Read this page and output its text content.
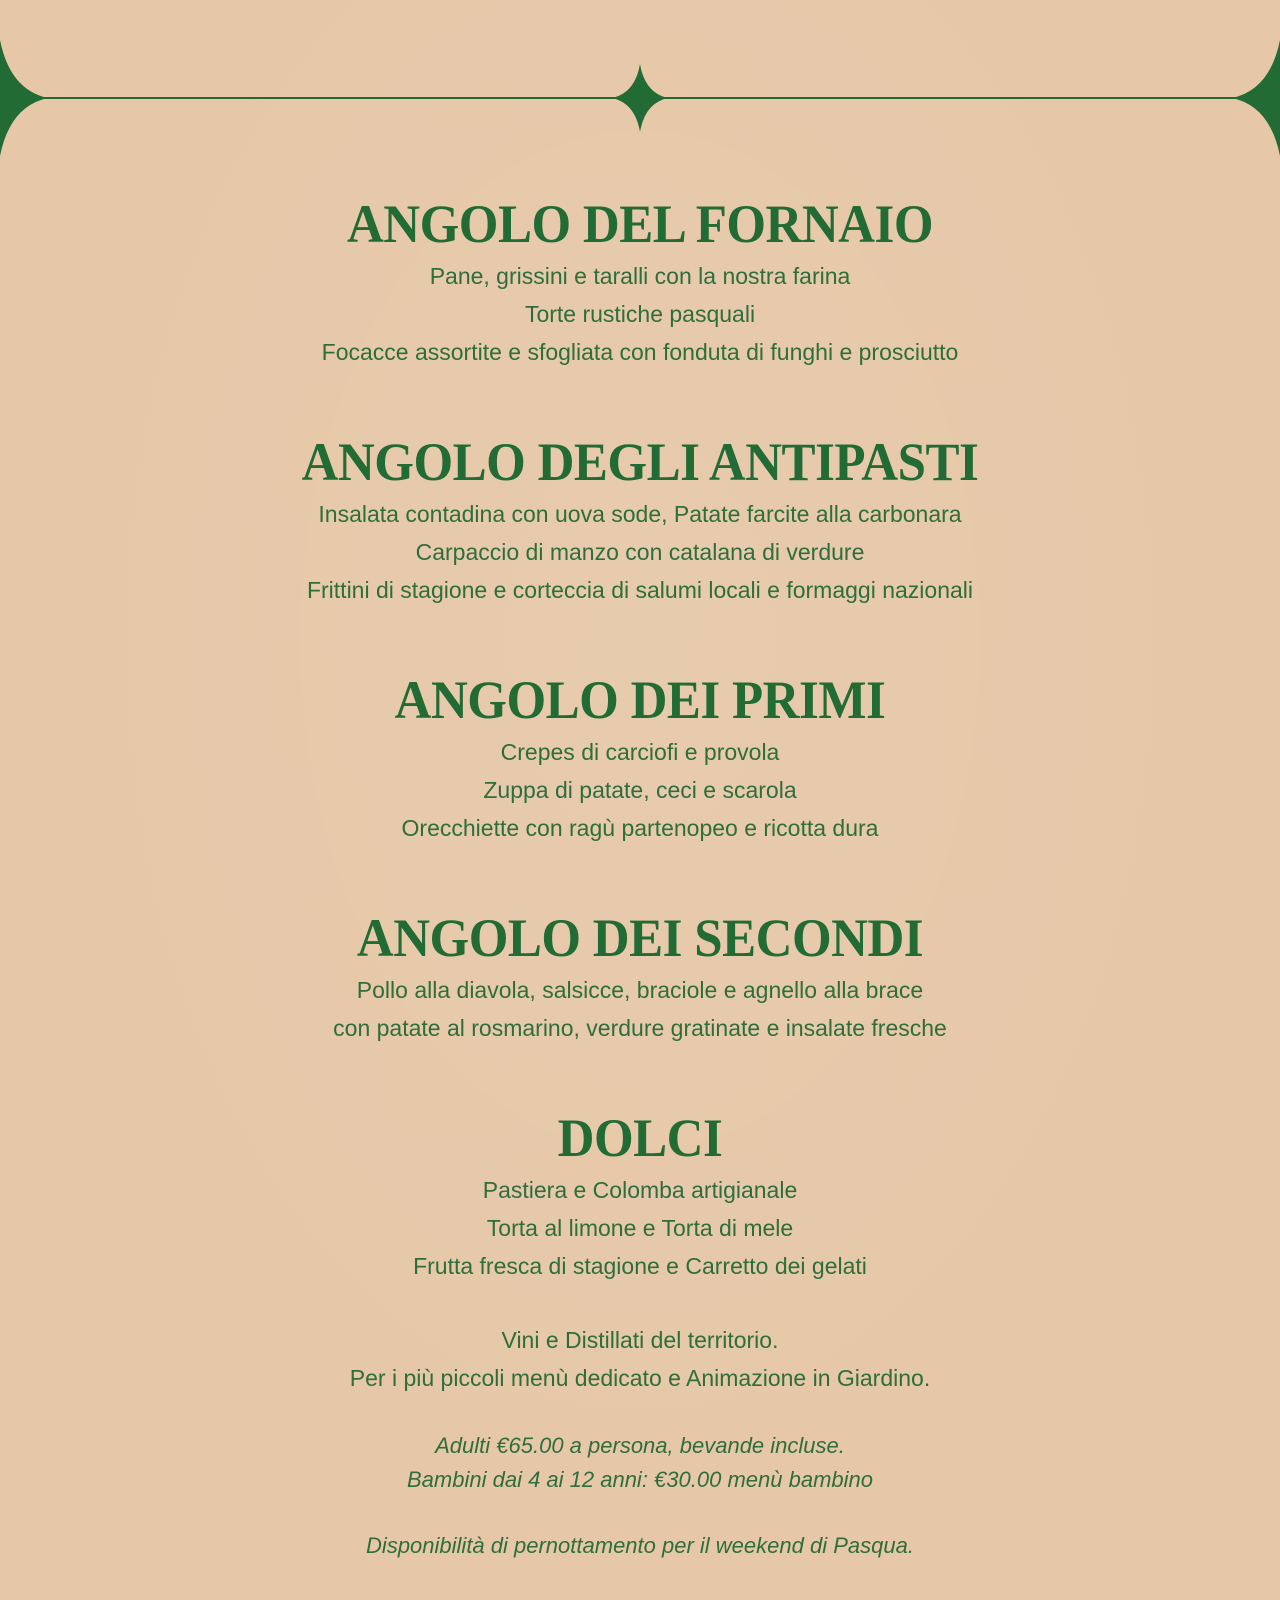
ANGOLO DEL FORNAIO
Pane, grissini e taralli con la nostra farina
Torte rustiche pasquali
Focacce assortite e sfogliata con fonduta di funghi e prosciutto
ANGOLO DEGLI ANTIPASTI
Insalata contadina con uova sode, Patate farcite alla carbonara
Carpaccio di manzo con catalana di verdure
Frittini di stagione e corteccia di salumi locali e formaggi nazionali
ANGOLO DEI PRIMI
Crepes di carciofi e provola
Zuppa di patate, ceci e scarola
Orecchiette con ragù partenopeo e ricotta dura
ANGOLO DEI SECONDI
Pollo alla diavola, salsicce, braciole e agnello alla brace
con patate al rosmarino, verdure gratinate e insalate fresche
DOLCI
Pastiera e Colomba artigianale
Torta al limone e Torta di mele
Frutta fresca di stagione e Carretto dei gelati
Vini e Distillati del territorio.
Per i più piccoli menù dedicato e Animazione in Giardino.
Adulti €65.00 a persona, bevande incluse.
Bambini dai 4 ai 12 anni: €30.00 menù bambino
Disponibilità di pernottamento per il weekend di Pasqua.
